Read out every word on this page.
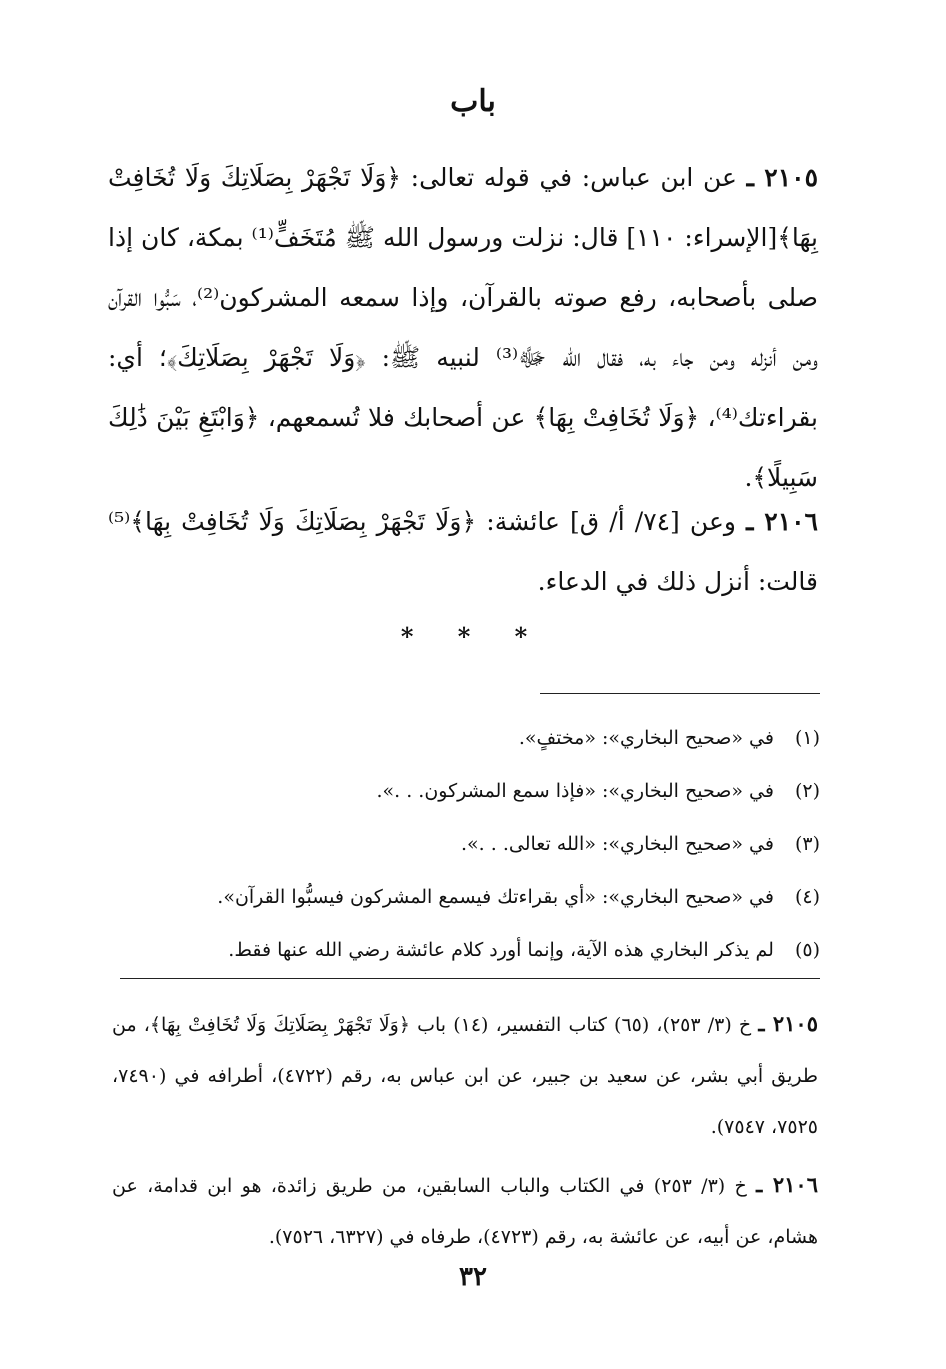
باب

٢١٠٥ ـ عن ابن عباس: في قوله تعالى: ﴿وَلَا تَجْهَرْ بِصَلَاتِكَ وَلَا تُخَافِتْ بِهَا﴾[الإسراء: ١١٠] قال: نزلت ورسول الله ﷺ مُتَخَفٍّ⁽¹⁾ بمكة، كان إذا صلى بأصحابه، رفع صوته بالقرآن، وإذا سمعه المشركون⁽²⁾، سَبُّوا القرآن ومن أنزله ومن جاء به، فقال الله ﷻ⁽³⁾ لنبيه ﷺ: ﴿وَلَا تَجْهَرْ بِصَلَاتِكَ﴾؛ أي: بقراءتك⁽⁴⁾، ﴿وَلَا تُخَافِتْ بِهَا﴾ عن أصحابك فلا تُسمعهم، ﴿وَابْتَغِ بَيْنَ ذَٰلِكَ سَبِيلًا﴾.

٢١٠٦ ـ وعن [٧٤/ أ/ ق] عائشة: ﴿وَلَا تَجْهَرْ بِصَلَاتِكَ وَلَا تُخَافِتْ بِهَا﴾⁽⁵⁾ قالت: أنزل ذلك في الدعاء.

* * *
(١) في «صحيح البخاري»: «مختفٍ».
(٢) في «صحيح البخاري»: «فإذا سمع المشركون. . .».
(٣) في «صحيح البخاري»: «الله تعالى. . .».
(٤) في «صحيح البخاري»: «أي بقراءتك فيسمع المشركون فيسبُّوا القرآن».
(٥) لم يذكر البخاري هذه الآية، وإنما أورد كلام عائشة رضي الله عنها فقط.

٢١٠٥ ـ خ (٣/ ٢٥٣)، (٦٥) كتاب التفسير، (١٤) باب ﴿وَلَا تَجْهَرْ بِصَلَاتِكَ وَلَا تُخَافِتْ بِهَا﴾، من طريق أبي بشر، عن سعيد بن جبير، عن ابن عباس به، رقم (٤٧٢٢)، أطرافه في (٧٤٩٠، ٧٥٢٥، ٧٥٤٧).

٢١٠٦ ـ خ (٣/ ٢٥٣) في الكتاب والباب السابقين، من طريق زائدة، هو ابن قدامة، عن هشام، عن أبيه، عن عائشة به، رقم (٤٧٢٣)، طرفاه في (٦٣٢٧، ٧٥٢٦).

٣٢
